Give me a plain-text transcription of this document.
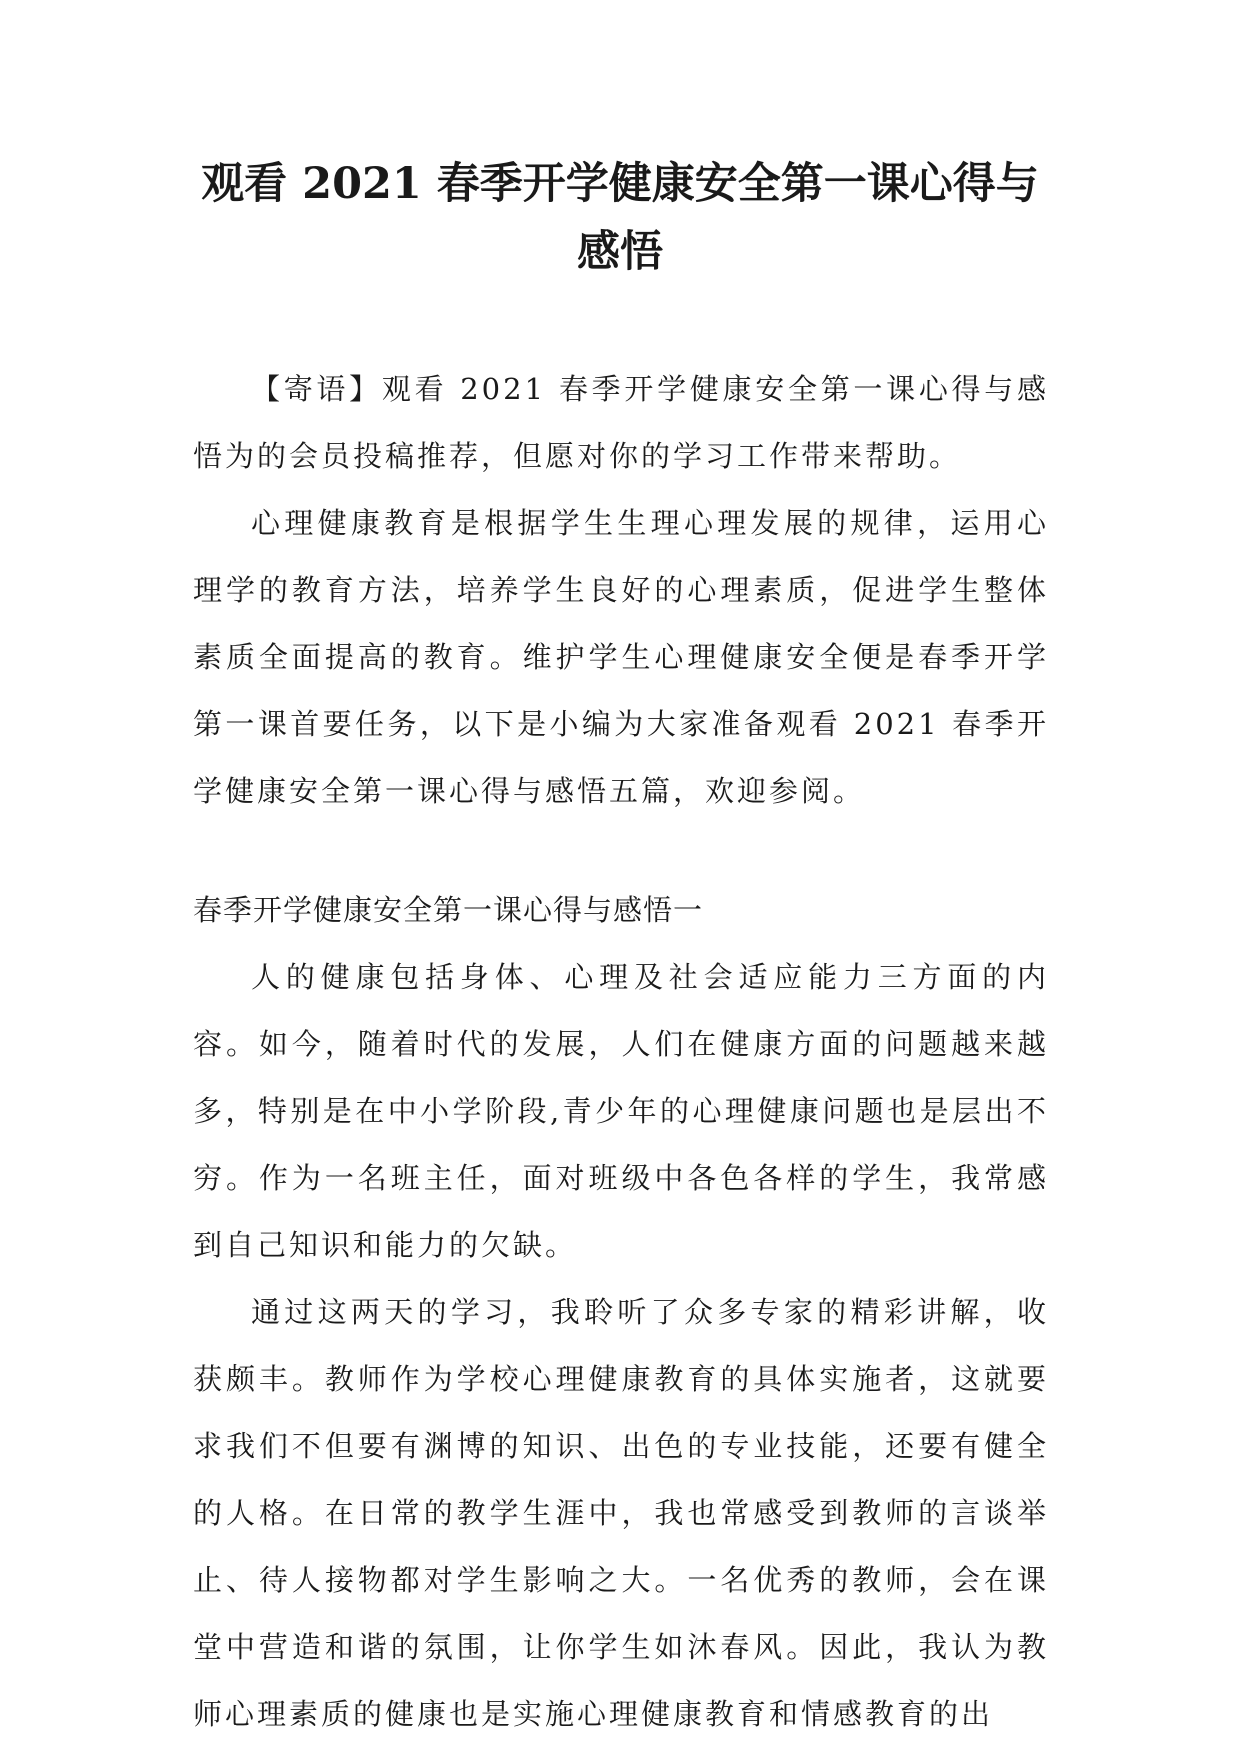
观看 2021 春季开学健康安全第一课心得与
感悟

【寄语】观看 2021 春季开学健康安全第一课心得与感悟为的会员投稿推荐，但愿对你的学习工作带来帮助。

心理健康教育是根据学生生理心理发展的规律，运用心理学的教育方法，培养学生良好的心理素质，促进学生整体素质全面提高的教育。维护学生心理健康安全便是春季开学第一课首要任务，以下是小编为大家准备观看 2021 春季开学健康安全第一课心得与感悟五篇，欢迎参阅。

春季开学健康安全第一课心得与感悟一

人的健康包括身体、心理及社会适应能力三方面的内容。如今，随着时代的发展，人们在健康方面的问题越来越多，特别是在中小学阶段,青少年的心理健康问题也是层出不穷。作为一名班主任，面对班级中各色各样的学生，我常感到自己知识和能力的欠缺。

通过这两天的学习，我聆听了众多专家的精彩讲解，收获颇丰。教师作为学校心理健康教育的具体实施者，这就要求我们不但要有渊博的知识、出色的专业技能，还要有健全的人格。在日常的教学生涯中，我也常感受到教师的言谈举止、待人接物都对学生影响之大。一名优秀的教师，会在课堂中营造和谐的氛围，让你学生如沐春风。因此，我认为教师心理素质的健康也是实施心理健康教育和情感教育的出
